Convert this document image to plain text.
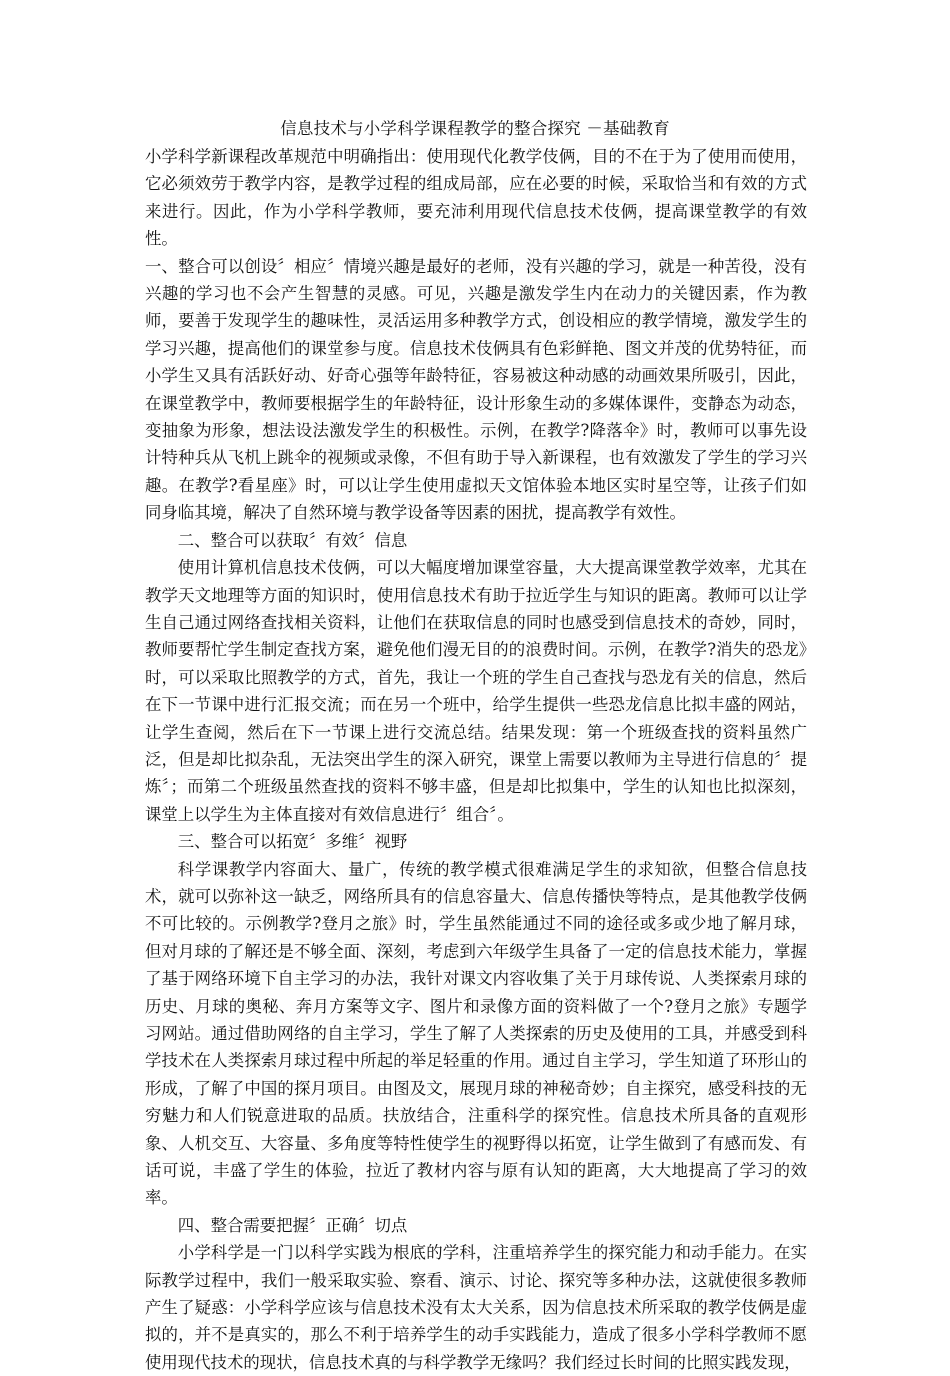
信息技术与小学科学课程教学的整合探究 －基础教育

小学科学新课程改革规范中明确指出：使用现代化教学伎俩，目的不在于为了使用而使用，它必须效劳于教学内容，是教学过程的组成局部，应在必要的时候，采取恰当和有效的方式来进行。因此，作为小学科学教师，要充沛利用现代信息技术伎俩，提高课堂教学的有效性。

一、整合可以创设〞相应〞情境兴趣是最好的老师，没有兴趣的学习，就是一种苦役，没有兴趣的学习也不会产生智慧的灵感。可见，兴趣是激发学生内在动力的关键因素，作为教师，要善于发现学生的趣味性，灵活运用多种教学方式，创设相应的教学情境，激发学生的学习兴趣，提高他们的课堂参与度。信息技术伎俩具有色彩鲜艳、图文并茂的优势特征，而小学生又具有活跃好动、好奇心强等年龄特征，容易被这种动感的动画效果所吸引，因此，在课堂教学中，教师要根据学生的年龄特征，设计形象生动的多媒体课件，变静态为动态，变抽象为形象，想法设法激发学生的积极性。示例，在教学?降落伞》时，教师可以事先设计特种兵从飞机上跳伞的视频或录像，不但有助于导入新课程，也有效激发了学生的学习兴趣。在教学?看星座》时，可以让学生使用虚拟天文馆体验本地区实时星空等，让孩子们如同身临其境，解决了自然环境与教学设备等因素的困扰，提高教学有效性。

二、整合可以获取〞有效〞信息

使用计算机信息技术伎俩，可以大幅度增加课堂容量，大大提高课堂教学效率，尤其在教学天文地理等方面的知识时，使用信息技术有助于拉近学生与知识的距离。教师可以让学生自己通过网络查找相关资料，让他们在获取信息的同时也感受到信息技术的奇妙，同时，教师要帮忙学生制定查找方案，避免他们漫无目的的浪费时间。示例，在教学?消失的恐龙》时，可以采取比照教学的方式，首先，我让一个班的学生自己查找与恐龙有关的信息，然后在下一节课中进行汇报交流；而在另一个班中，给学生提供一些恐龙信息比拟丰盛的网站，让学生查阅，然后在下一节课上进行交流总结。结果发现：第一个班级查找的资料虽然广泛，但是却比拟杂乱，无法突出学生的深入研究，课堂上需要以教师为主导进行信息的〞提炼〞；而第二个班级虽然查找的资料不够丰盛，但是却比拟集中，学生的认知也比拟深刻，课堂上以学生为主体直接对有效信息进行〞组合〞。

三、整合可以拓宽〞多维〞视野

科学课教学内容面大、量广，传统的教学模式很难满足学生的求知欲，但整合信息技术，就可以弥补这一缺乏，网络所具有的信息容量大、信息传播快等特点，是其他教学伎俩不可比较的。示例教学?登月之旅》时，学生虽然能通过不同的途径或多或少地了解月球，但对月球的了解还是不够全面、深刻，考虑到六年级学生具备了一定的信息技术能力，掌握了基于网络环境下自主学习的办法，我针对课文内容收集了关于月球传说、人类探索月球的历史、月球的奥秘、奔月方案等文字、图片和录像方面的资料做了一个?登月之旅》专题学习网站。通过借助网络的自主学习，学生了解了人类探索的历史及使用的工具，并感受到科学技术在人类探索月球过程中所起的举足轻重的作用。通过自主学习，学生知道了环形山的形成，了解了中国的探月项目。由图及文，展现月球的神秘奇妙；自主探究，感受科技的无穷魅力和人们锐意进取的品质。扶放结合，注重科学的探究性。信息技术所具备的直观形象、人机交互、大容量、多角度等特性使学生的视野得以拓宽，让学生做到了有感而发、有话可说，丰盛了学生的体验，拉近了教材内容与原有认知的距离，大大地提高了学习的效率。

四、整合需要把握〞正确〞切点

小学科学是一门以科学实践为根底的学科，注重培养学生的探究能力和动手能力。在实际教学过程中，我们一般采取实验、察看、演示、讨论、探究等多种办法，这就使很多教师产生了疑惑：小学科学应该与信息技术没有太大关系，因为信息技术所采取的教学伎俩是虚拟的，并不是真实的，那么不利于培养学生的动手实践能力，造成了很多小学科学教师不愿使用现代技术的现状，信息技术真的与科学教学无缘吗？我们经过长时间的比照实践发现，
